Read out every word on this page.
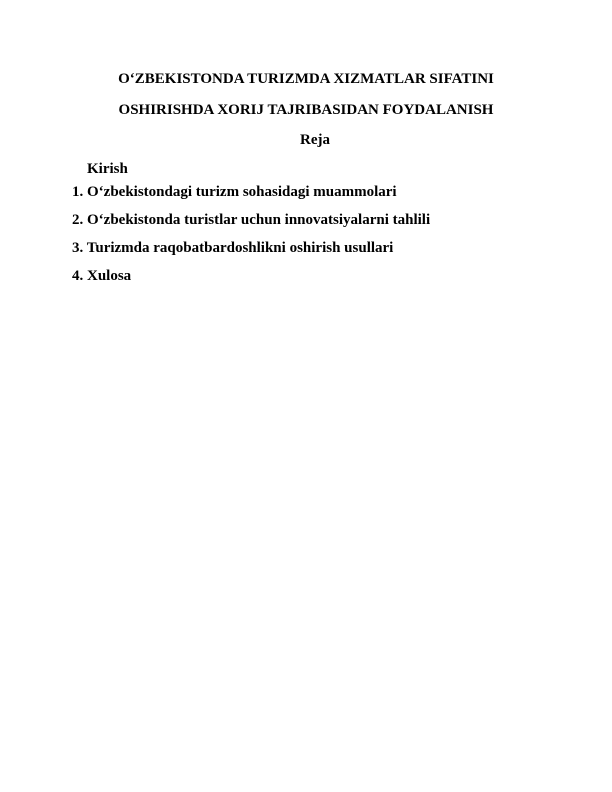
O‘ZBEKISTONDA TURIZMDA XIZMATLAR SIFATINI
OSHIRISHDA XORIJ TAJRIBASIDAN FOYDALANISH
Reja
Kirish
1. O‘zbekistondagi turizm sohasidagi muammolari
2. O‘zbekistonda turistlar uchun innovatsiyalarni tahlili
3. Turizmda raqobatbardoshlikni oshirish usullari
4. Xulosa
